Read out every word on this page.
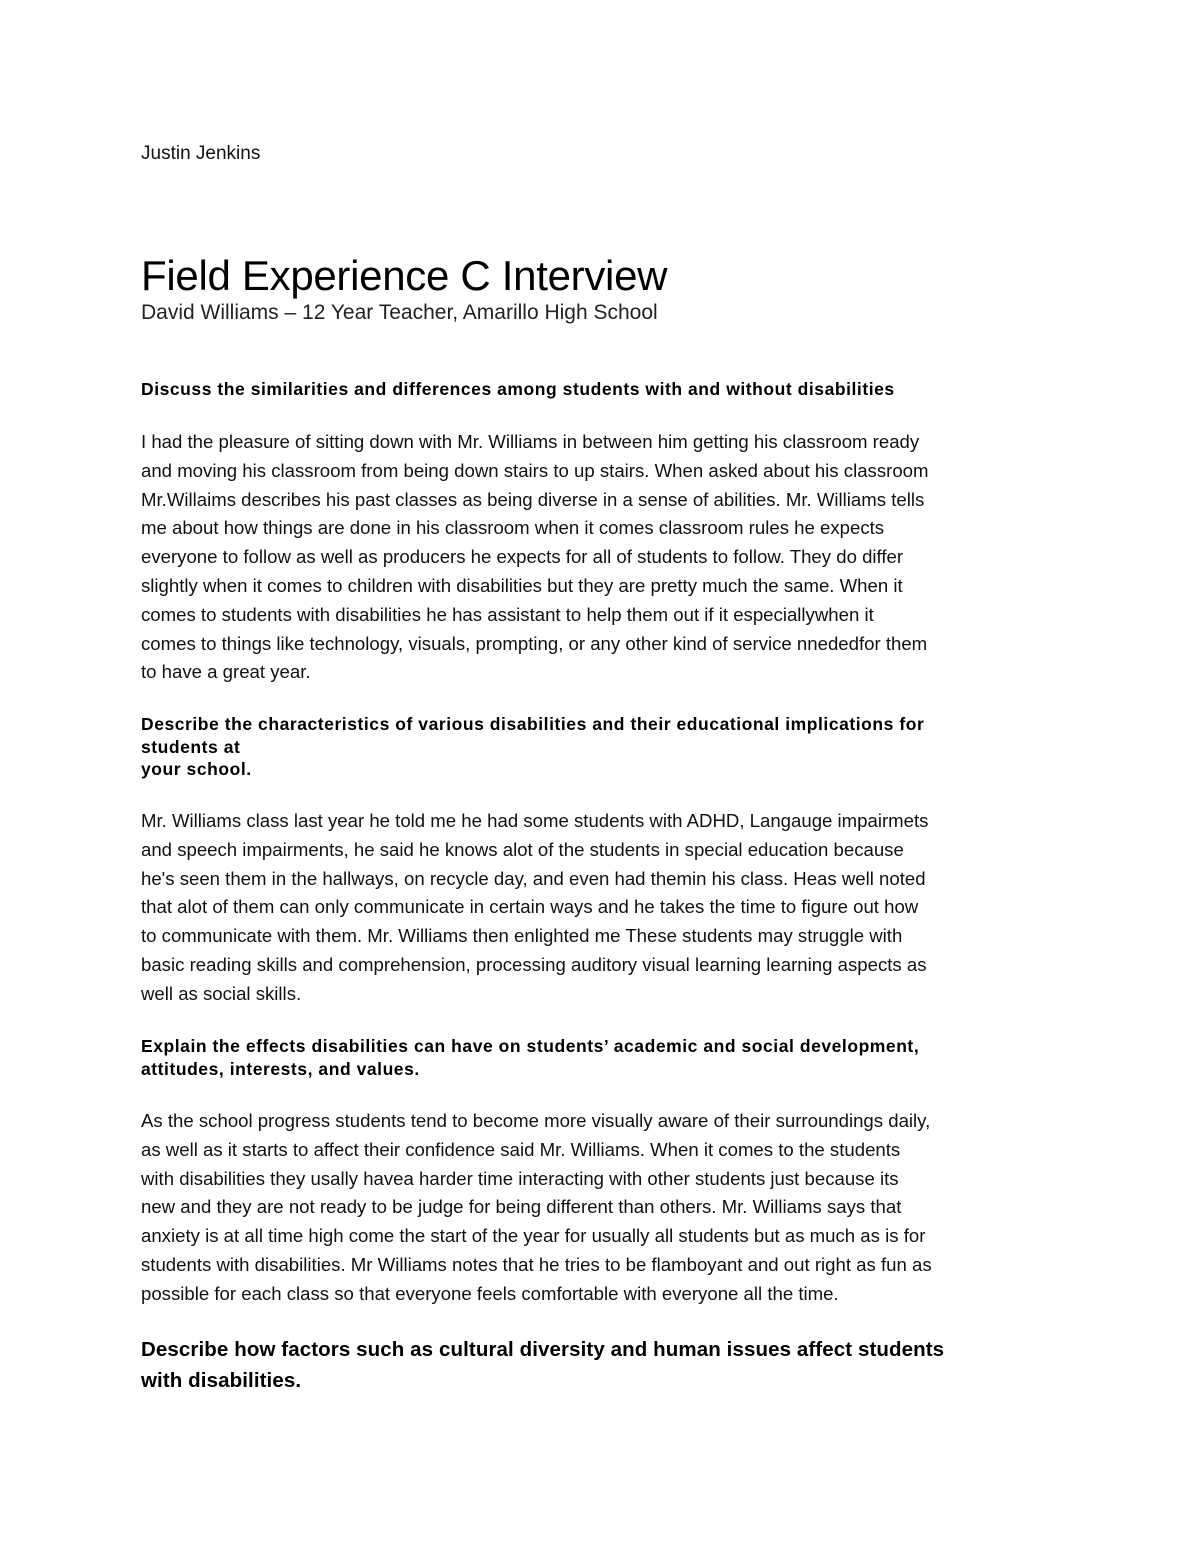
Justin Jenkins
Field Experience C Interview
David Williams – 12 Year Teacher, Amarillo High School
Discuss the similarities and differences among students with and without disabilities
I had the pleasure of sitting down with Mr. Williams in between him getting his classroom ready
and moving his classroom from being down stairs to up stairs. When asked about his classroom
Mr.Willaims describes his past classes as being diverse in a sense of abilities. Mr. Williams tells
me about how things are done in his classroom when it comes classroom rules he expects
everyone to follow as well as producers he expects for all of students to follow. They do differ
slightly when it comes to children with disabilities but they are pretty much the same. When it
comes to students with disabilities he has assistant to help them out if it especiallywhen it
comes to things like technology, visuals, prompting, or any other kind of service nnededfor them
to have a great year.
Describe the characteristics of various disabilities and their educational implications for
students at
your school.
Mr. Williams class last year he told me he had some students with ADHD, Langauge impairmets
and speech impairments, he said he knows alot of the students in special education because
he's seen them in the hallways, on recycle day, and even had themin his class. Heas well noted
that alot of them can only communicate in certain ways and he takes the time to figure out how
to communicate with them. Mr. Williams then enlighted me These students may struggle with
basic reading skills and comprehension, processing auditory visual learning learning aspects as
well as social skills.
Explain the effects disabilities can have on students’ academic and social development,
attitudes, interests, and values.
As the school progress students tend to become more visually aware of their surroundings daily,
as well as it starts to affect their confidence said Mr. Williams. When it comes to the students
with disabilities they usally havea harder time interacting with other students just because its
new and they are not ready to be judge for being different than others. Mr. Williams says that
anxiety is at all time high come the start of the year for usually all students but as much as is for
students with disabilities. Mr Williams notes that he tries to be flamboyant and out right as fun as
possible for each class so that everyone feels comfortable with everyone all the time.
Describe how factors such as cultural diversity and human issues affect students
with disabilities.
